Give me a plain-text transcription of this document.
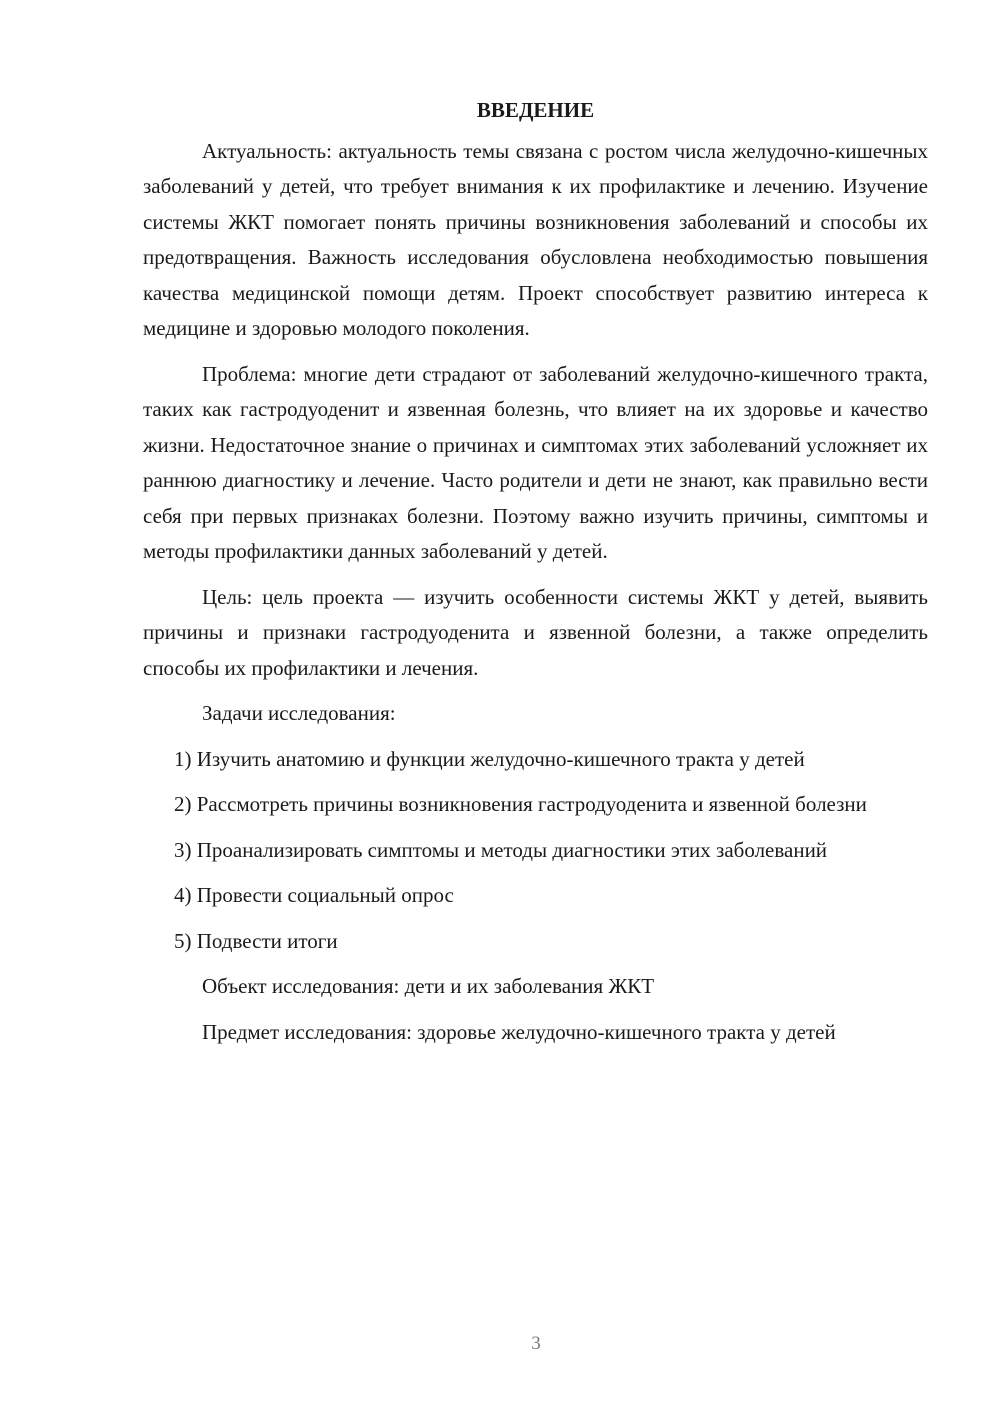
ВВЕДЕНИЕ

Актуальность: актуальность темы связана с ростом числа желудочно-кишечных заболеваний у детей, что требует внимания к их профилактике и лечению. Изучение системы ЖКТ помогает понять причины возникновения заболеваний и способы их предотвращения. Важность исследования обусловлена необходимостью повышения качества медицинской помощи детям. Проект способствует развитию интереса к медицине и здоровью молодого поколения.

Проблема: многие дети страдают от заболеваний желудочно-кишечного тракта, таких как гастродуоденит и язвенная болезнь, что влияет на их здоровье и качество жизни. Недостаточное знание о причинах и симптомах этих заболеваний усложняет их раннюю диагностику и лечение. Часто родители и дети не знают, как правильно вести себя при первых признаках болезни. Поэтому важно изучить причины, симптомы и методы профилактики данных заболеваний у детей.

Цель: цель проекта — изучить особенности системы ЖКТ у детей, выявить причины и признаки гастродуоденита и язвенной болезни, а также определить способы их профилактики и лечения.

Задачи исследования:

1) Изучить анатомию и функции желудочно-кишечного тракта у детей

2) Рассмотреть причины возникновения гастродуоденита и язвенной болезни

3) Проанализировать симптомы и методы диагностики этих заболеваний

4) Провести социальный опрос

5) Подвести итоги

Объект исследования: дети и их заболевания ЖКТ

Предмет исследования: здоровье желудочно-кишечного тракта у детей

3
